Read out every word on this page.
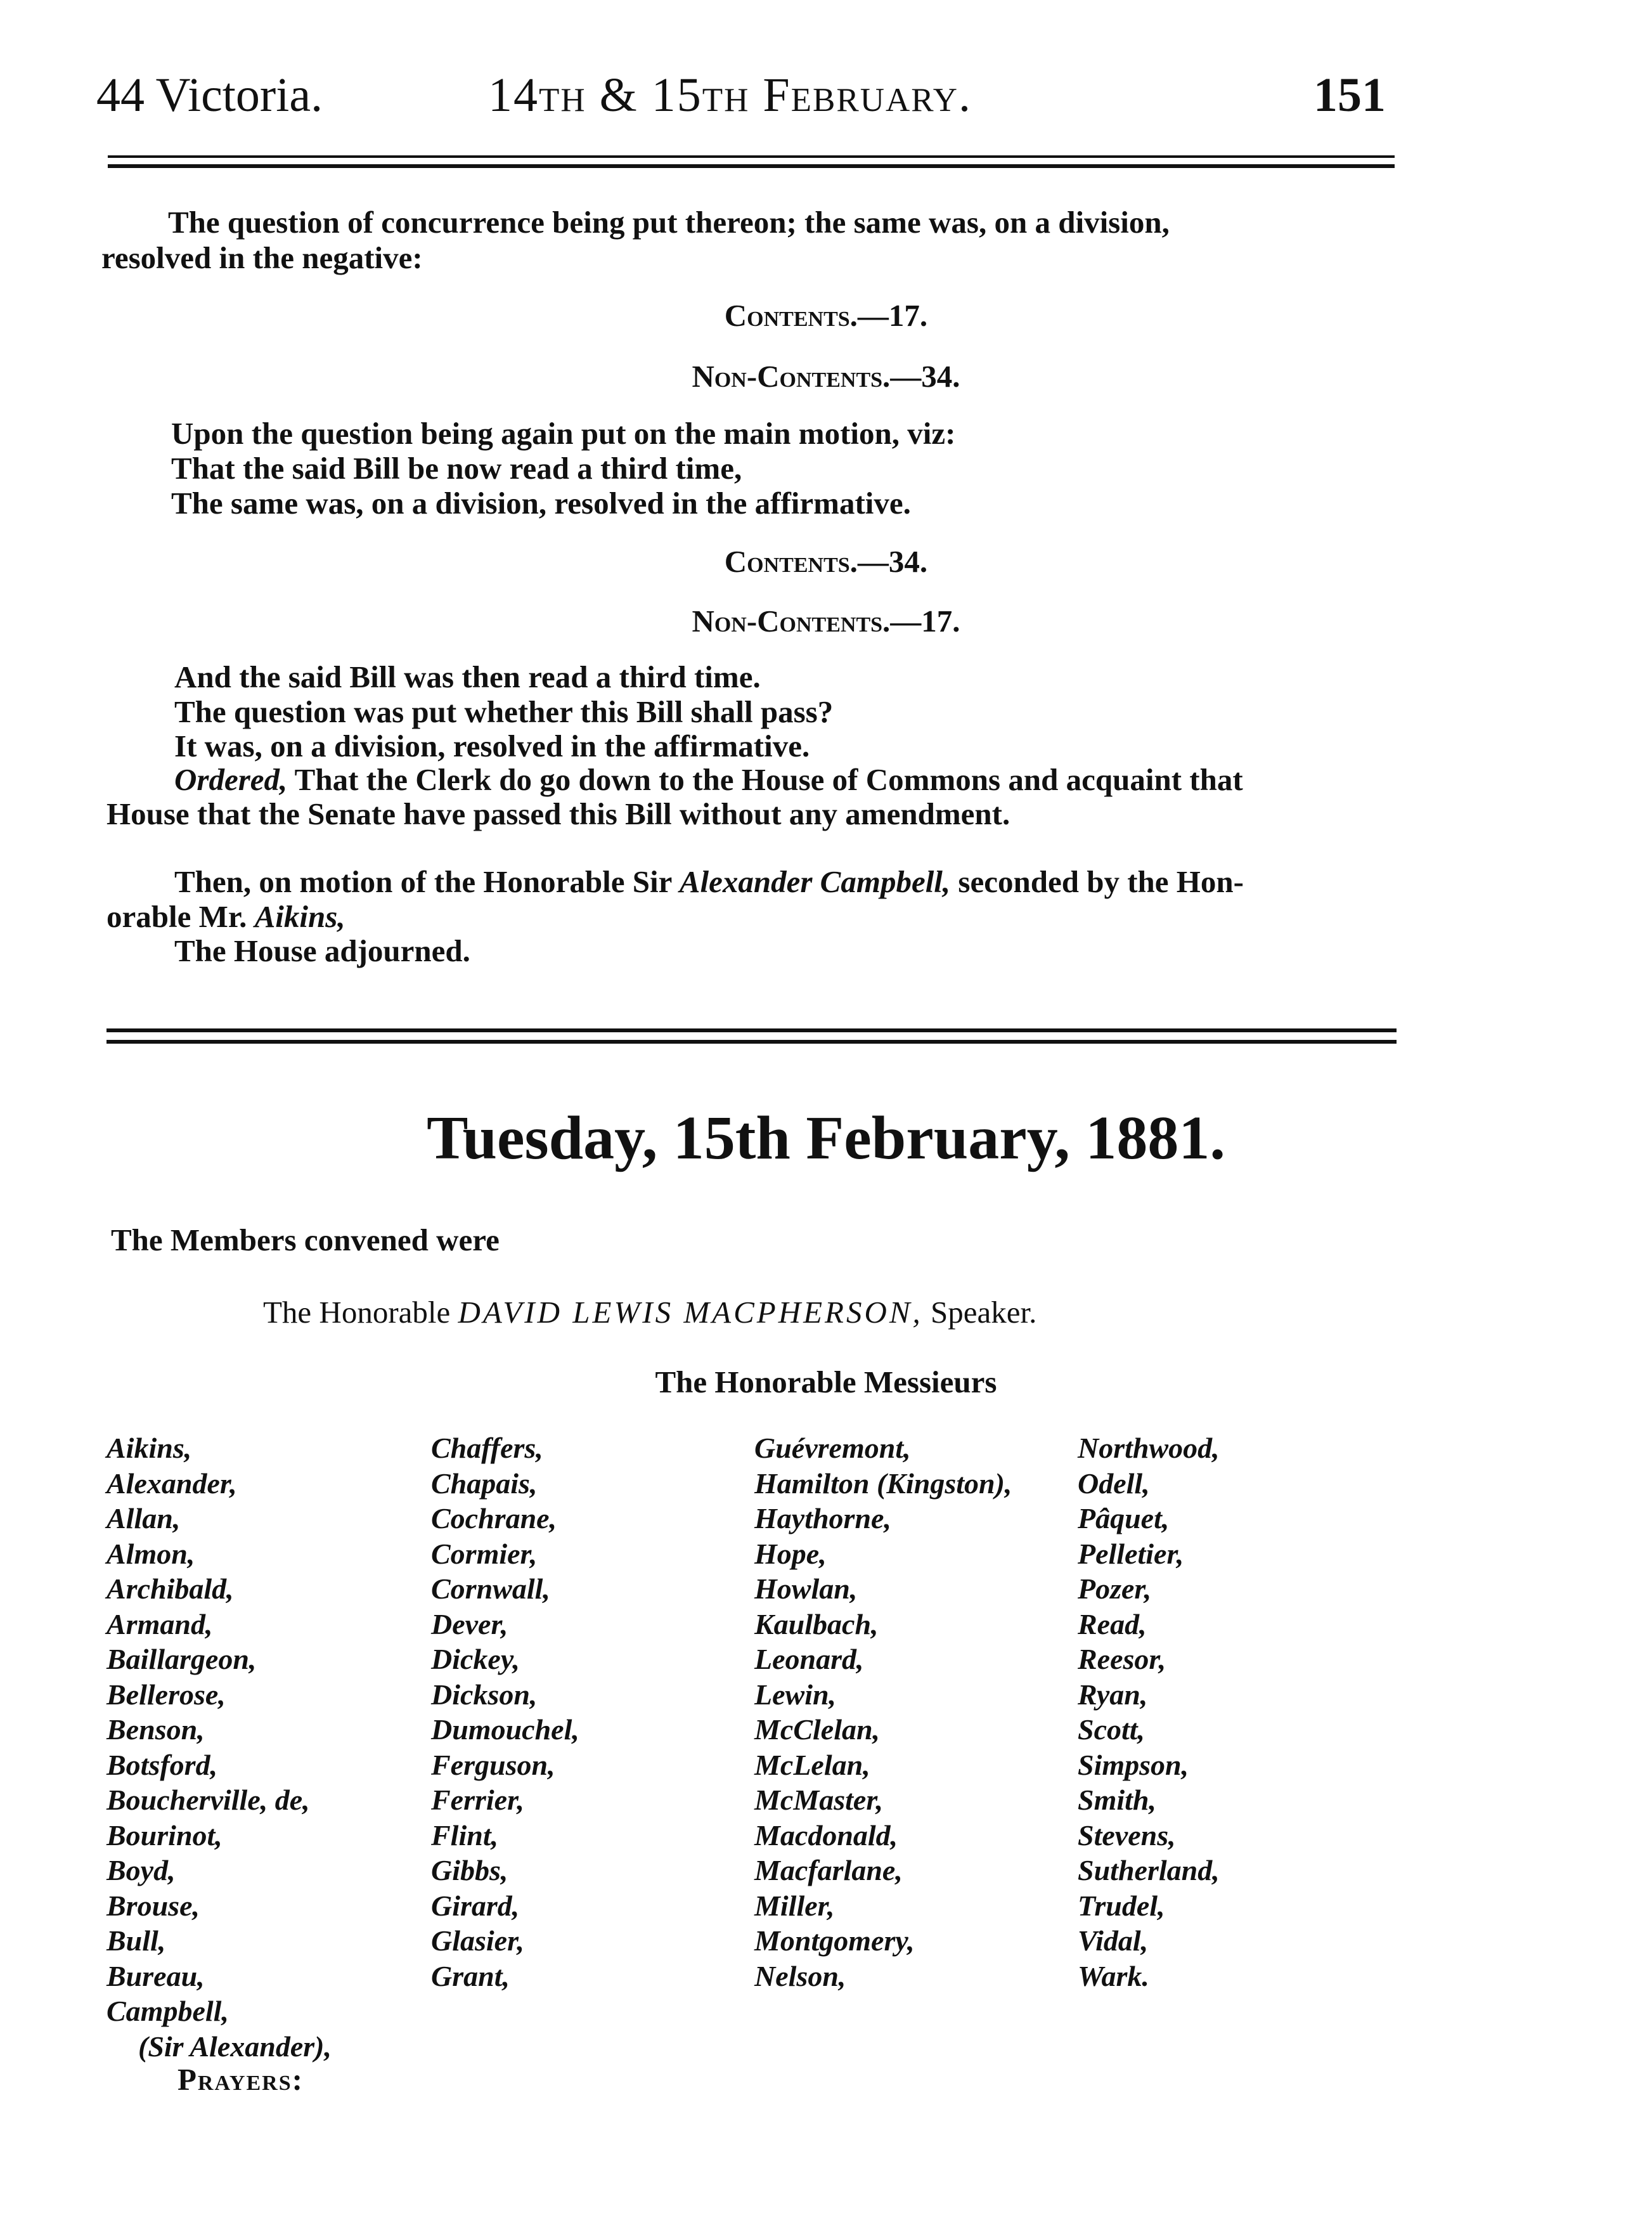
44 Victoria.	14th & 15th February.	151
The question of concurrence being put thereon; the same was, on a division,
resolved in the negative:
Contents.—17.
Non-Contents.—34.
Upon the question being again put on the main motion, viz:
That the said Bill be now read a third time,
The same was, on a division, resolved in the affirmative.
Contents.—34.
Non-Contents.—17.
And the said Bill was then read a third time.
The question was put whether this Bill shall pass?
It was, on a division, resolved in the affirmative.
Ordered, That the Clerk do go down to the House of Commons and acquaint that
House that the Senate have passed this Bill without any amendment.
Then, on motion of the Honorable Sir Alexander Campbell, seconded by the Hon-
orable Mr. Aikins,
The House adjourned.
Tuesday, 15th February, 1881.
The Members convened were
The Honorable DAVID LEWIS MACPHERSON, Speaker.
The Honorable Messieurs
Aikins,
Alexander,
Allan,
Almon,
Archibald,
Armand,
Baillargeon,
Bellerose,
Benson,
Botsford,
Boucherville, de,
Bourinot,
Boyd,
Brouse,
Bull,
Bureau,
Campbell,
(Sir Alexander),
Chaffers,
Chapais,
Cochrane,
Cormier,
Cornwall,
Dever,
Dickey,
Dickson,
Dumouchel,
Ferguson,
Ferrier,
Flint,
Gibbs,
Girard,
Glasier,
Grant,
Guévremont,
Hamilton (Kingston),
Haythorne,
Hope,
Howlan,
Kaulbach,
Leonard,
Lewin,
McClelan,
McLelan,
McMaster,
Macdonald,
Macfarlane,
Miller,
Montgomery,
Nelson,
Northwood,
Odell,
Pâquet,
Pelletier,
Pozer,
Read,
Reesor,
Ryan,
Scott,
Simpson,
Smith,
Stevens,
Sutherland,
Trudel,
Vidal,
Wark.
Prayers:
